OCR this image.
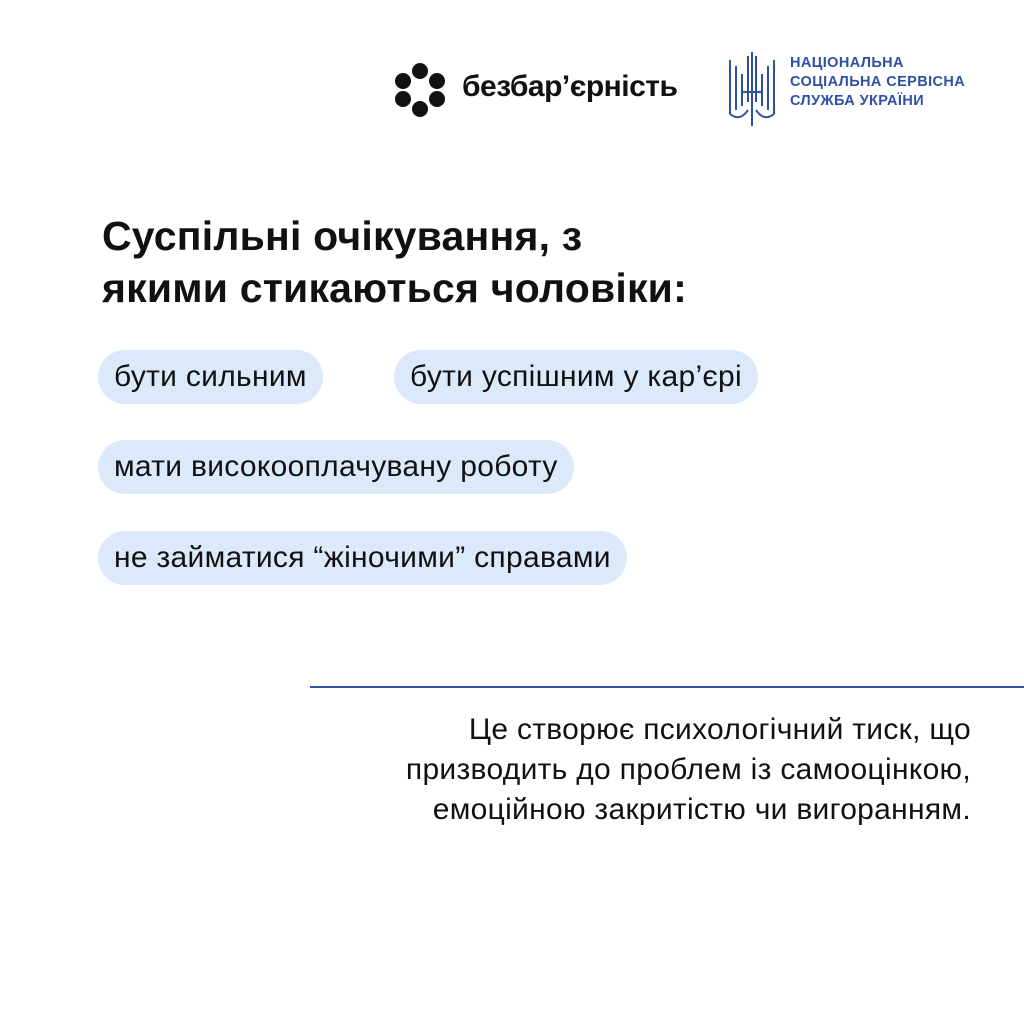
безбар’єрність
НАЦІОНАЛЬНА
СОЦІАЛЬНА СЕРВІСНА
СЛУЖБА УКРАЇНИ
Суспільні очікування, з
якими стикаються чоловіки:
бути сильним	бути успішним у кар’єрі
мати високооплачувану роботу
не займатися “жіночими” справами
Це створює психологічний тиск, що
призводить до проблем із самооцінкою,
емоційною закритістю чи вигоранням.
